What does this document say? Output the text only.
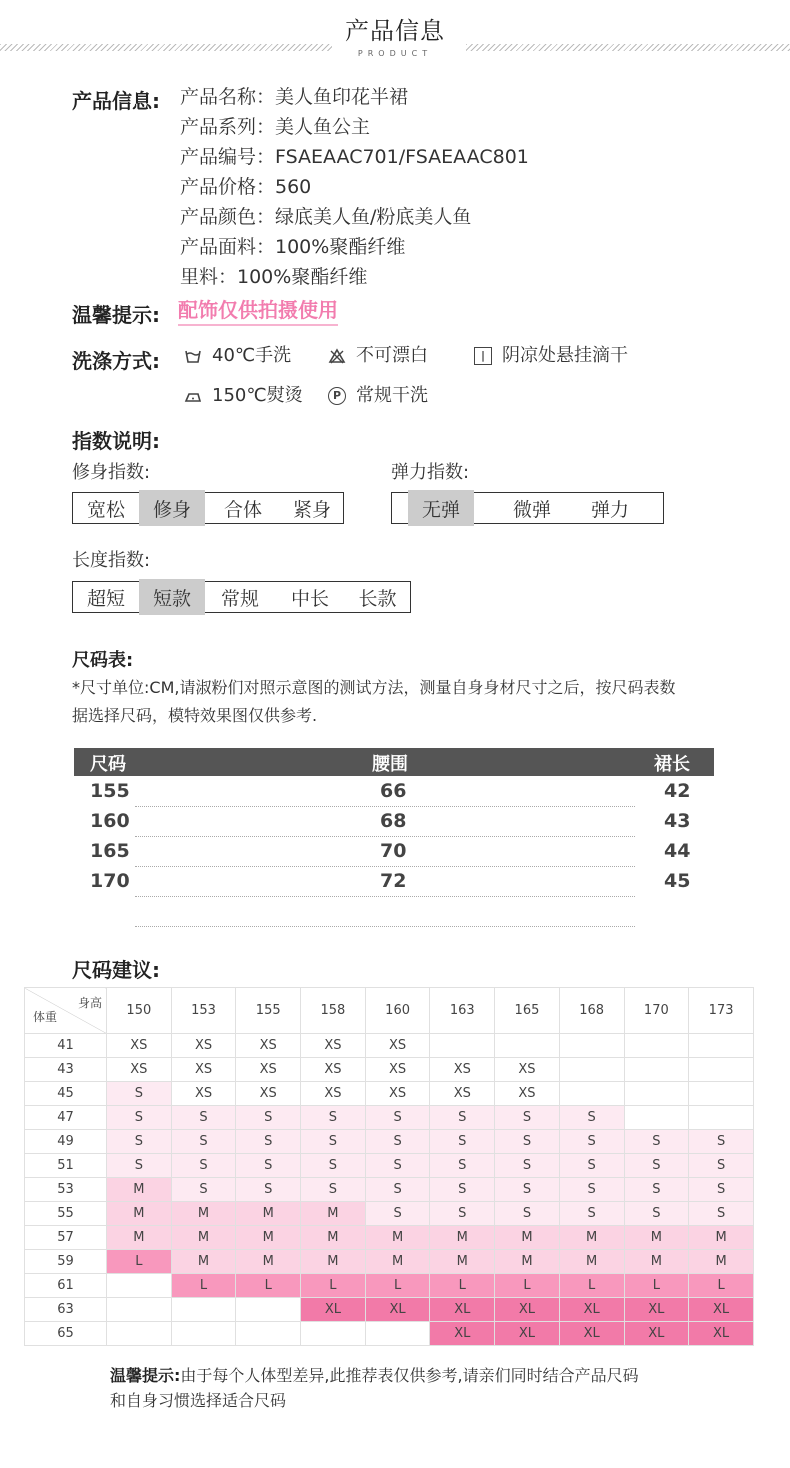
产品信息
PRODUCT
产品信息: 产品名称：美人鱼印花半裙
产品系列：美人鱼公主
产品编号：FSAEAAC701/FSAEAAC801
产品价格：560
产品颜色：绿底美人鱼/粉底美人鱼
产品面料：100%聚酯纤维
里料：100%聚酯纤维
温馨提示: 配饰仅供拍摄使用
洗涤方式:	40℃手洗	不可漂白	| 阴凉处悬挂滴干
150℃熨烫	P 常规干洗
指数说明:
修身指数:
宽松	修身	合体	紧身
弹力指数:
无弹	微弹	弹力
长度指数:
超短	短款	常规	中长	长款
尺码表:
*尺寸单位:CM,请淑粉们对照示意图的测试方法，测量自身身材尺寸之后，按尺码表数
据选择尺码，模特效果图仅供参考.
尺码	腰围	裙长
155	66	42
160	68	43
165	70	44
170	72	45
尺码建议:
身高
体重	150	153	155	158	160	163	165	168	170	173
41	XS	XS	XS	XS	XS					
43	XS	XS	XS	XS	XS	XS	XS			
45	S	XS	XS	XS	XS	XS	XS			
47	S	S	S	S	S	S	S	S		
49	S	S	S	S	S	S	S	S	S	S
51	S	S	S	S	S	S	S	S	S	S
53	M	S	S	S	S	S	S	S	S	S
55	M	M	M	M	S	S	S	S	S	S
57	M	M	M	M	M	M	M	M	M	M
59	L	M	M	M	M	M	M	M	M	M
61		L	L	L	L	L	L	L	L	L
63				XL	XL	XL	XL	XL	XL	XL
65						XL	XL	XL	XL	XL
温馨提示:由于每个人体型差异,此推荐表仅供参考,请亲们同时结合产品尺码
和自身习惯选择适合尺码
